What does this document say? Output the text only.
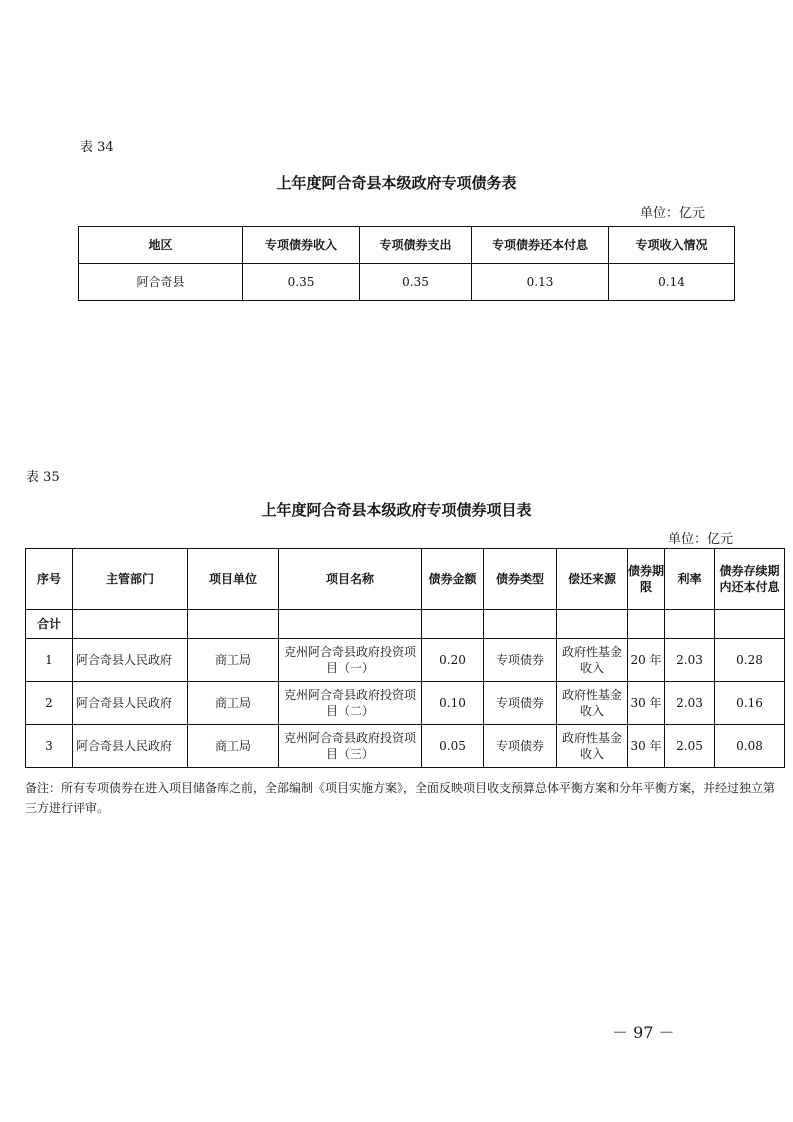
表 34
上年度阿合奇县本级政府专项债务表
单位：亿元
地区	专项债券收入	专项债券支出	专项债券还本付息	专项收入情况
阿合奇县	0.35	0.35	0.13	0.14
表 35
上年度阿合奇县本级政府专项债券项目表
单位：亿元
序号	主管部门	项目单位	项目名称	债券金额	债券类型	偿还来源	债券期限	利率	债券存续期内还本付息
合计									
1	阿合奇县人民政府	商工局	克州阿合奇县政府投资项目（一）	0.20	专项债券	政府性基金收入	20 年	2.03	0.28
2	阿合奇县人民政府	商工局	克州阿合奇县政府投资项目（二）	0.10	专项债券	政府性基金收入	30 年	2.03	0.16
3	阿合奇县人民政府	商工局	克州阿合奇县政府投资项目（三）	0.05	专项债券	政府性基金收入	30 年	2.05	0.08
备注：所有专项债券在进入项目储备库之前，全部编制《项目实施方案》，全面反映项目收支预算总体平衡方案和分年平衡方案，并经过独立第三方进行评审。
－ 97 －
